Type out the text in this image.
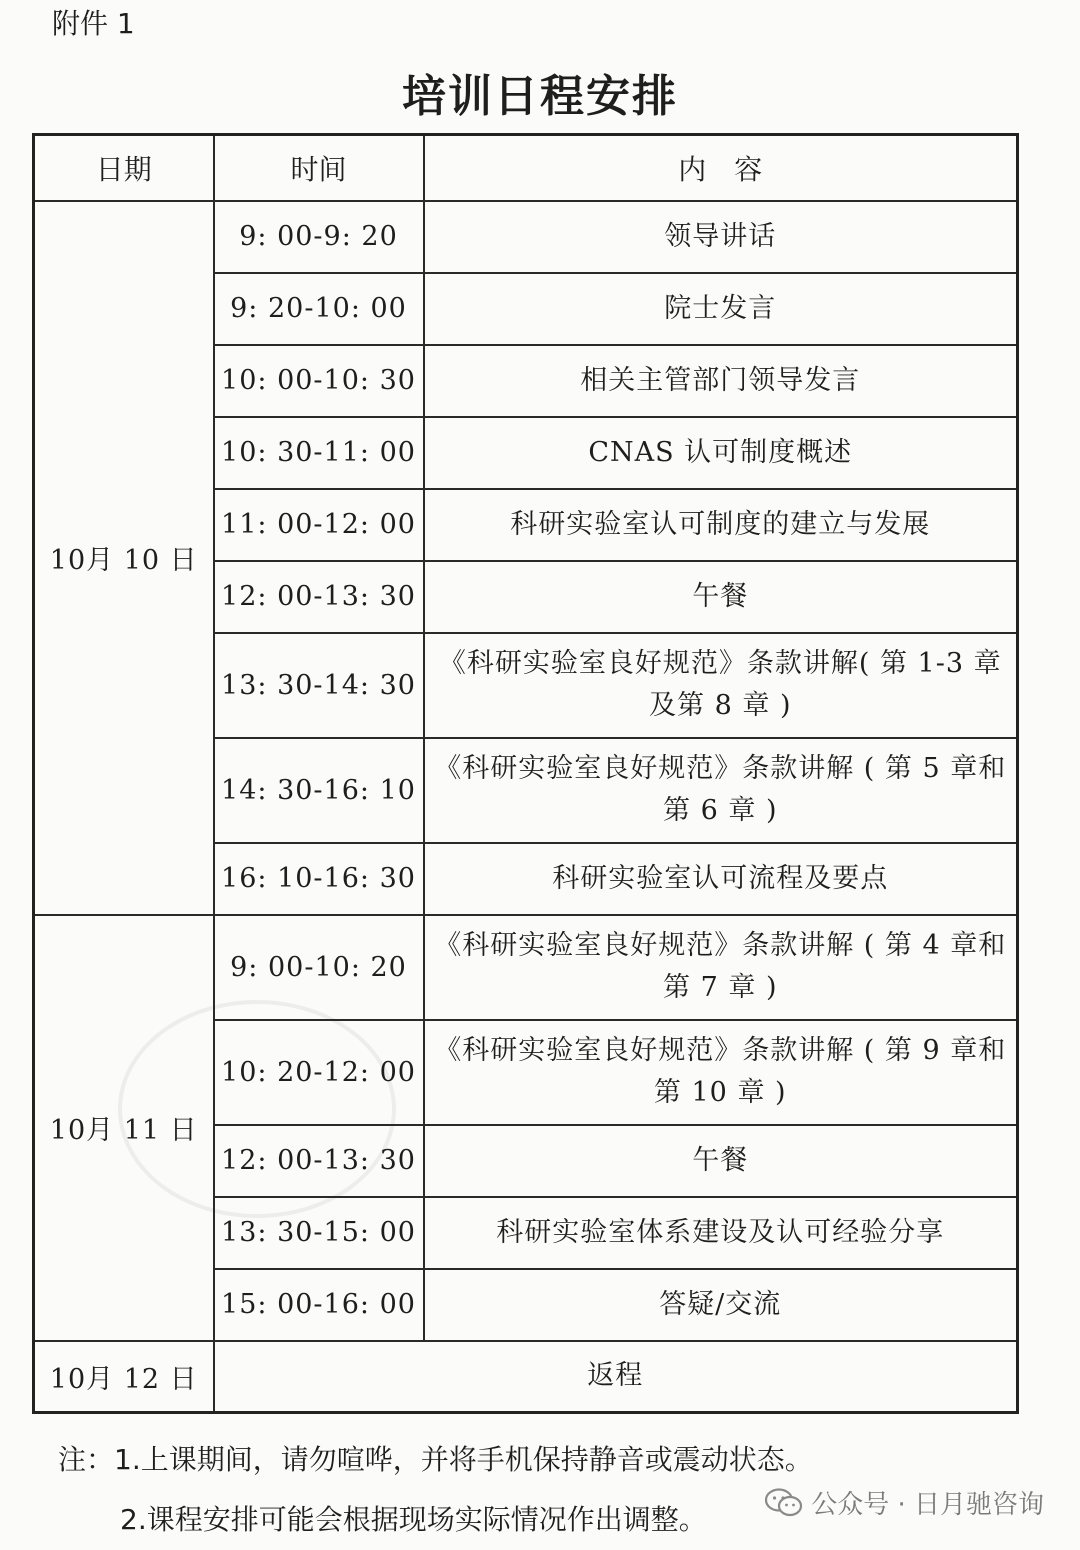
附件 1
培训日程安排
日期	时间	内　容
10月 10 日	9: 00-9: 20	领导讲话
	9: 20-10: 00	院士发言
	10: 00-10: 30	相关主管部门领导发言
	10: 30-11: 00	CNAS 认可制度概述
	11: 00-12: 00	科研实验室认可制度的建立与发展
	12: 00-13: 30	午餐
	13: 30-14: 30	《科研实验室良好规范》条款讲解( 第 1-3 章及第 8 章 )
	14: 30-16: 10	《科研实验室良好规范》条款讲解 ( 第 5 章和第 6 章 )
	16: 10-16: 30	科研实验室认可流程及要点
10月 11 日	9: 00-10: 20	《科研实验室良好规范》条款讲解 ( 第 4 章和第 7 章 )
	10: 20-12: 00	《科研实验室良好规范》条款讲解 ( 第 9 章和第 10 章 )
	12: 00-13: 30	午餐
	13: 30-15: 00	科研实验室体系建设及认可经验分享
	15: 00-16: 00	答疑/交流
10月 12 日	返程	
注：1.上课期间，请勿喧哗，并将手机保持静音或震动状态。
2.课程安排可能会根据现场实际情况作出调整。	公众号 · 日月驰咨询
